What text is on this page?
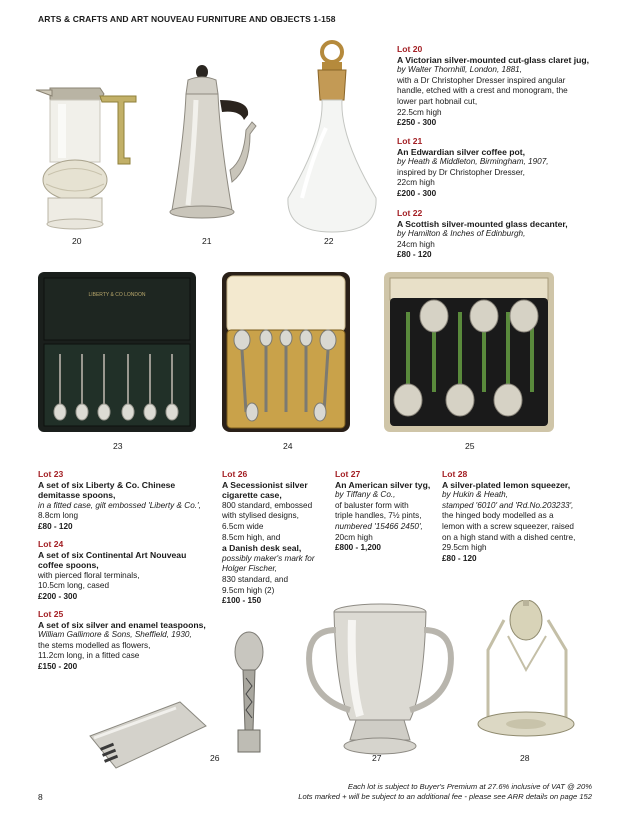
ARTS & CRAFTS AND ART NOUVEAU FURNITURE AND OBJECTS 1-158
20	21	22
Lot 20
A Victorian silver-mounted cut-glass claret jug,
by Walter Thornhill, London, 1881,
with a Dr Christopher Dresser inspired angular
handle, etched with a crest and monogram, the
lower part hobnail cut,
22.5cm high
£250 - 300
Lot 21
An Edwardian silver coffee pot,
by Heath & Middleton, Birmingham, 1907,
inspired by Dr Christopher Dresser,
22cm high
£200 - 300
Lot 22
A Scottish silver-mounted glass decanter,
by Hamilton & Inches of Edinburgh,
24cm high
£80 - 120
LIBERTY & CO LONDON
23	24	25
Lot 23
A set of six Liberty & Co. Chinese
demitasse spoons,
in a fitted case, gilt embossed 'Liberty & Co.',
8.8cm long
£80 - 120
Lot 24
A set of six Continental Art Nouveau
coffee spoons,
with pierced floral terminals,
10.5cm long, cased
£200 - 300
Lot 25
A set of six silver and enamel teaspoons,
William Gallimore & Sons, Sheffield, 1930,
the stems modelled as flowers,
11.2cm long, in a fitted case
£150 - 200
Lot 26
A Secessionist silver
cigarette case,
800 standard, embossed
with stylised designs,
6.5cm wide
8.5cm high, and
a Danish desk seal,
possibly maker's mark for
Holger Fischer,
830 standard, and
9.5cm high (2)
£100 - 150
Lot 27
An American silver tyg,
by Tiffany & Co.,
of baluster form with
triple handles, 7½ pints,
numbered '15466 2450',
20cm high
£800 - 1,200
Lot 28
A silver-plated lemon squeezer,
by Hukin & Heath,
stamped '6010' and 'Rd.No.203233',
the hinged body modelled as a
lemon with a screw squeezer, raised
on a high stand with a dished centre,
29.5cm high
£80 - 120
26	27	28
8
Each lot is subject to Buyer's Premium at 27.6% inclusive of VAT @ 20%
Lots marked + will be subject to an additional fee - please see ARR details on page 152
